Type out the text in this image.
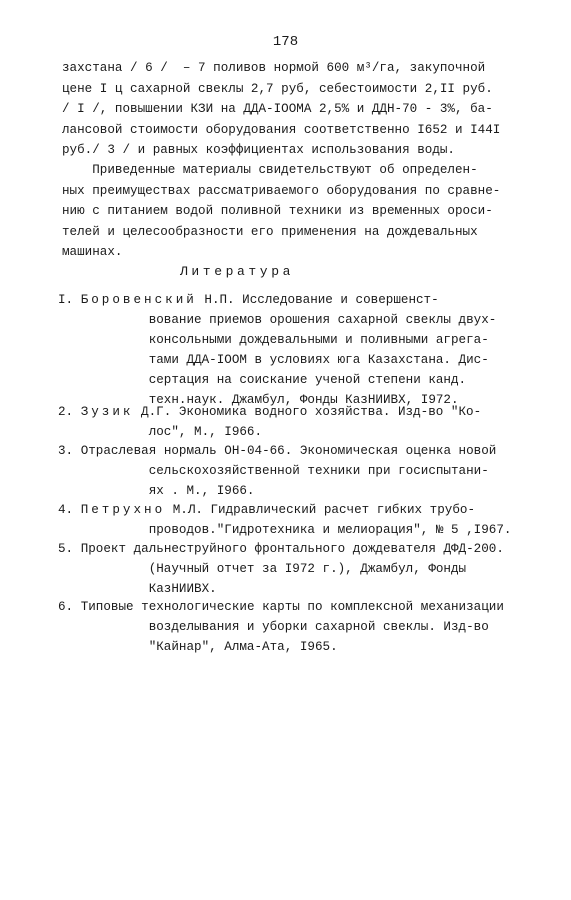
178

захстана / 6 /  – 7 поливов нормой 600 м³/га, закупочной
цене I ц сахарной свеклы 2,7 руб, себестоимости 2,II руб.
/ I /, повышении КЗИ на ДДА-IOOМА 2,5% и ДДН-70 - 3%, ба-
лансовой стоимости оборудования соответственно I652 и I44I
руб./ 3 / и равных коэффициентах использования воды.

Приведенные материалы свидетельствуют об определен-
ных преимуществах рассматриваемого оборудования по сравне-
нию с питанием водой поливной техники из временных ороси-
телей и целесообразности его применения на дождевальных
машинах.

Литература

I. Боровенский Н.П. Исследование и совершенст-
вование приемов орошения сахарной свеклы двух-
консольными дождевальными и поливными агрега-
тами ДДА-IOOM в условиях юга Казахстана. Дис-
сертация на соискание ученой степени канд.
техн.наук. Джамбул, Фонды КазНИИВХ, I972.

2. Зузик Д.Г. Экономика водного хозяйства. Изд-во "Ко-
лос", М., I966.

3. Отраслевая нормаль ОН-04-66. Экономическая оценка новой
сельскохозяйственной техники при госиспытани-
ях . М., I966.

4. Петрухно М.Л. Гидравлический расчет гибких трубо-
проводов."Гидротехника и мелиорация", № 5 ,I967.

5. Проект дальнеструйного фронтального дождевателя ДФД-200.
(Научный отчет за I972 г.), Джамбул, Фонды
КазНИИВХ.

6. Типовые технологические карты по комплексной механизации
возделывания и уборки сахарной свеклы. Изд-во
"Кайнар", Алма-Ата, I965.
